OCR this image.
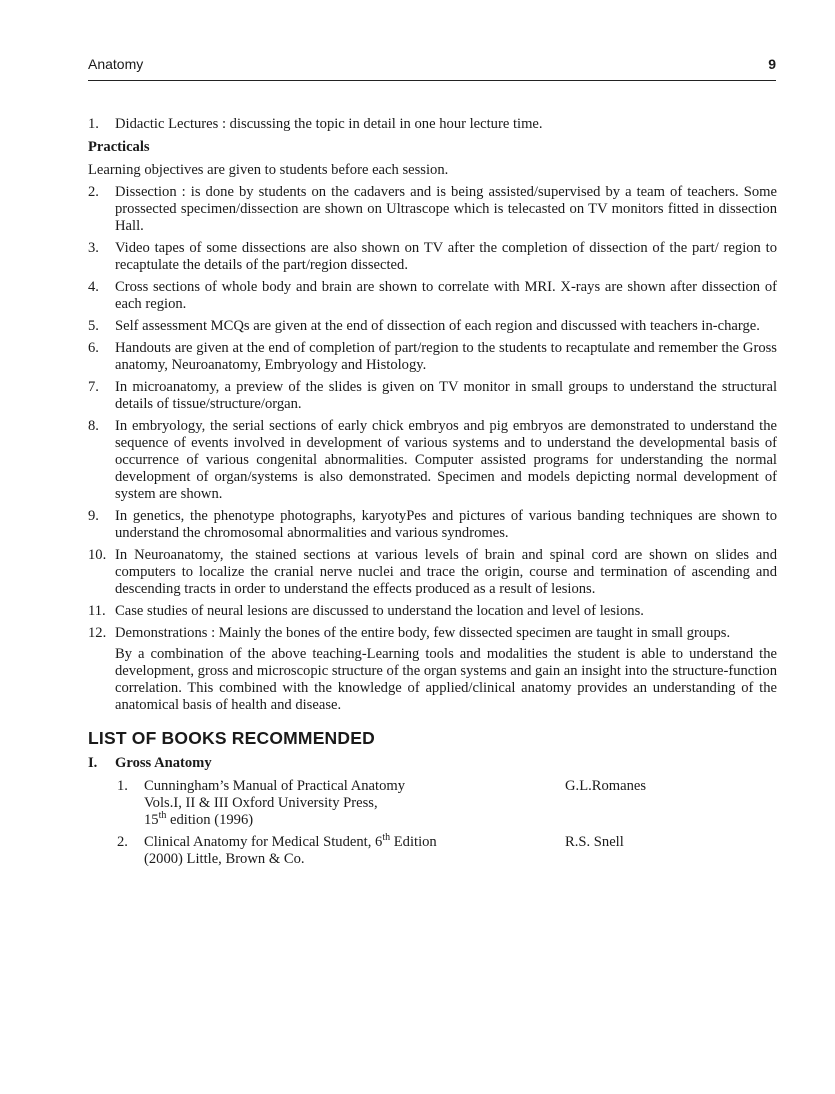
Anatomy	9
1.	Didactic Lectures : discussing the topic in detail in one hour lecture time.
Practicals
Learning objectives are given to students before each session.
2.	Dissection : is done by students on the cadavers and is being assisted/supervised by a team of teachers. Some prossected specimen/dissection are shown on Ultrascope which is telecasted on TV monitors fitted in dissection Hall.
3.	Video tapes of some dissections are also shown on TV after the completion of dissection of the part/ region to recaptulate the details of the part/region dissected.
4.	Cross sections of whole body and brain are shown to correlate with MRI. X-rays are shown after dissection of each region.
5.	Self assessment MCQs are given at the end of dissection of each region and discussed with teachers in-charge.
6.	Handouts are given at the end of completion of part/region to the students to recaptulate and remember the Gross anatomy, Neuroanatomy, Embryology and Histology.
7.	In microanatomy, a preview of the slides is given on TV monitor in small groups to understand the structural details of tissue/structure/organ.
8.	In embryology, the serial sections of early chick embryos and pig embryos are demonstrated to understand the sequence of events involved in development of various systems and to understand the developmental basis of occurrence of various congenital abnormalities. Computer assisted programs for understanding the normal development of organ/systems is also demonstrated. Specimen and models depicting normal development of system are shown.
9.	In genetics, the phenotype photographs, karyotyPes and pictures of various banding techniques are shown to understand the chromosomal abnormalities and various syndromes.
10. In Neuroanatomy, the stained sections at various levels of brain and spinal cord are shown on slides and computers to localize the cranial nerve nuclei and trace the origin, course and termination of ascending and descending tracts in order to understand the effects produced as a result of lesions.
11. Case studies of neural lesions are discussed to understand the location and level of lesions.
12. Demonstrations : Mainly the bones of the entire body, few dissected specimen are taught in small groups.
By a combination of the above teaching-Learning tools and modalities the student is able to understand the development, gross and microscopic structure of the organ systems and gain an insight into the structure-function correlation. This combined with the knowledge of applied/clinical anatomy provides an understanding of the anatomical basis of health and disease.
LIST OF BOOKS RECOMMENDED
I. Gross Anatomy
1. Cunningham’s Manual of Practical Anatomy
Vols.I, II & III Oxford University Press,
15th edition (1996)
G.L.Romanes
2. Clinical Anatomy for Medical Student, 6th Edition
(2000) Little, Brown & Co.
R.S. Snell
